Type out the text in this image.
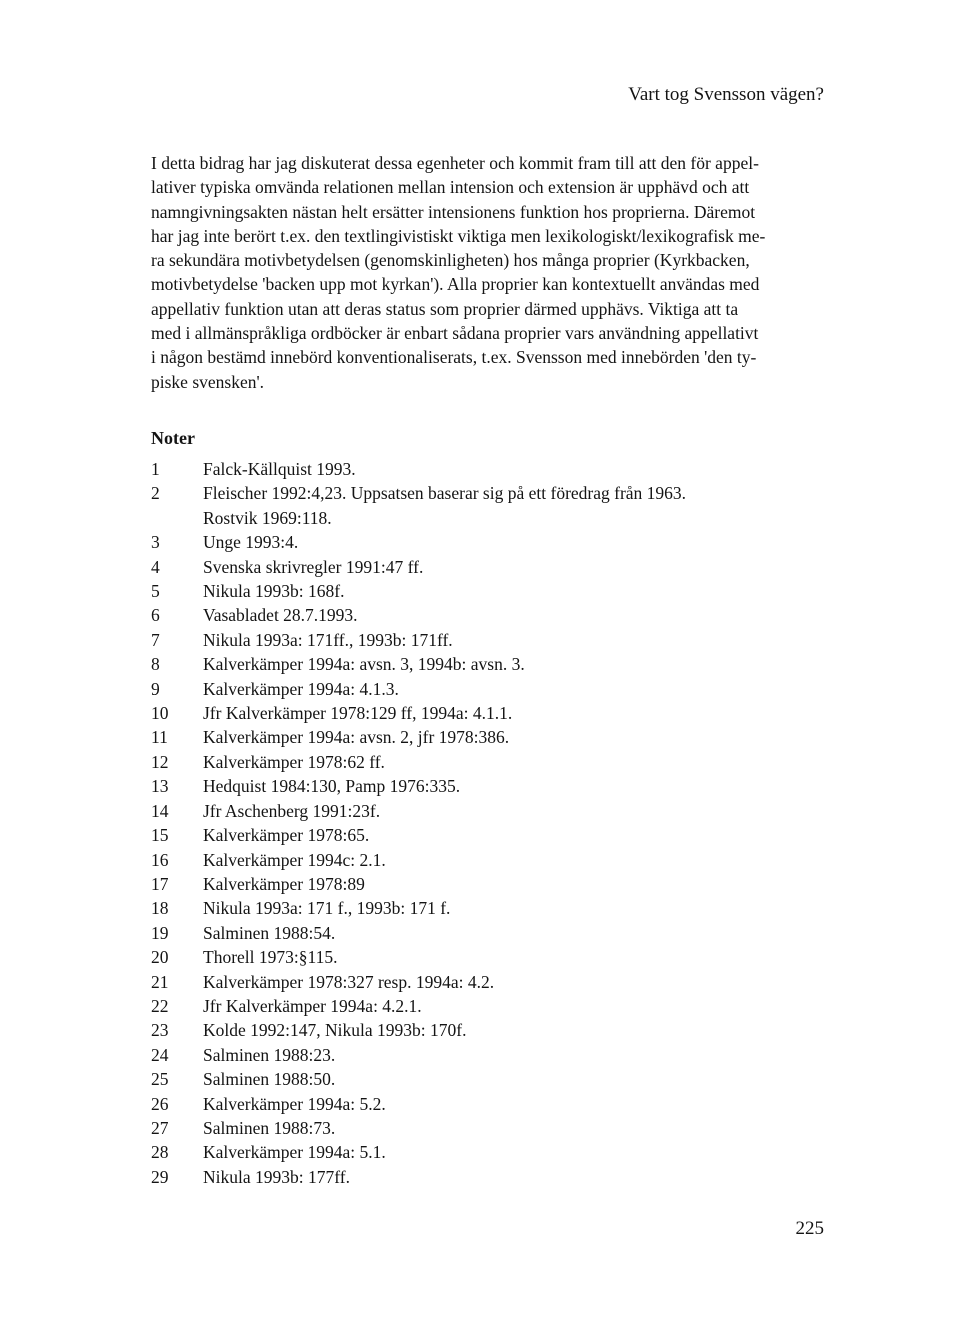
Vart tog Svensson vägen?
I detta bidrag har jag diskuterat dessa egenheter och kommit fram till att den för appel-
lativer typiska omvända relationen mellan intension och extension är upphävd och att
namngivningsakten nästan helt ersätter intensionens funktion hos proprierna. Däremot
har jag inte berört t.ex. den textlingivistiskt viktiga men lexikologiskt/lexikografisk me-
ra sekundära motivbetydelsen (genomskinligheten) hos många proprier (Kyrkbacken,
motivbetydelse 'backen upp mot kyrkan'). Alla proprier kan kontextuellt användas med
appellativ funktion utan att deras status som proprier därmed upphävs. Viktiga att ta
med i allmänspråkliga ordböcker är enbart sådana proprier vars användning appellativt
i någon bestämd innebörd konventionaliserats, t.ex. Svensson med innebörden 'den ty-
piske svensken'.
Noter
1	Falck-Källquist 1993.
2	Fleischer 1992:4,23. Uppsatsen baserar sig på ett föredrag från 1963.
Rostvik 1969:118.
3	Unge 1993:4.
4	Svenska skrivregler 1991:47 ff.
5	Nikula 1993b: 168f.
6	Vasabladet 28.7.1993.
7	Nikula 1993a: 171ff., 1993b: 171ff.
8	Kalverkämper 1994a: avsn. 3, 1994b: avsn. 3.
9	Kalverkämper 1994a: 4.1.3.
10	Jfr Kalverkämper 1978:129 ff, 1994a: 4.1.1.
11	Kalverkämper 1994a: avsn. 2, jfr 1978:386.
12	Kalverkämper 1978:62 ff.
13	Hedquist 1984:130, Pamp 1976:335.
14	Jfr Aschenberg 1991:23f.
15	Kalverkämper 1978:65.
16	Kalverkämper 1994c: 2.1.
17	Kalverkämper 1978:89
18	Nikula 1993a: 171 f., 1993b: 171 f.
19	Salminen 1988:54.
20	Thorell 1973:§115.
21	Kalverkämper 1978:327 resp. 1994a: 4.2.
22	Jfr Kalverkämper 1994a: 4.2.1.
23	Kolde 1992:147, Nikula 1993b: 170f.
24	Salminen 1988:23.
25	Salminen 1988:50.
26	Kalverkämper 1994a: 5.2.
27	Salminen 1988:73.
28	Kalverkämper 1994a: 5.1.
29	Nikula 1993b: 177ff.
225
